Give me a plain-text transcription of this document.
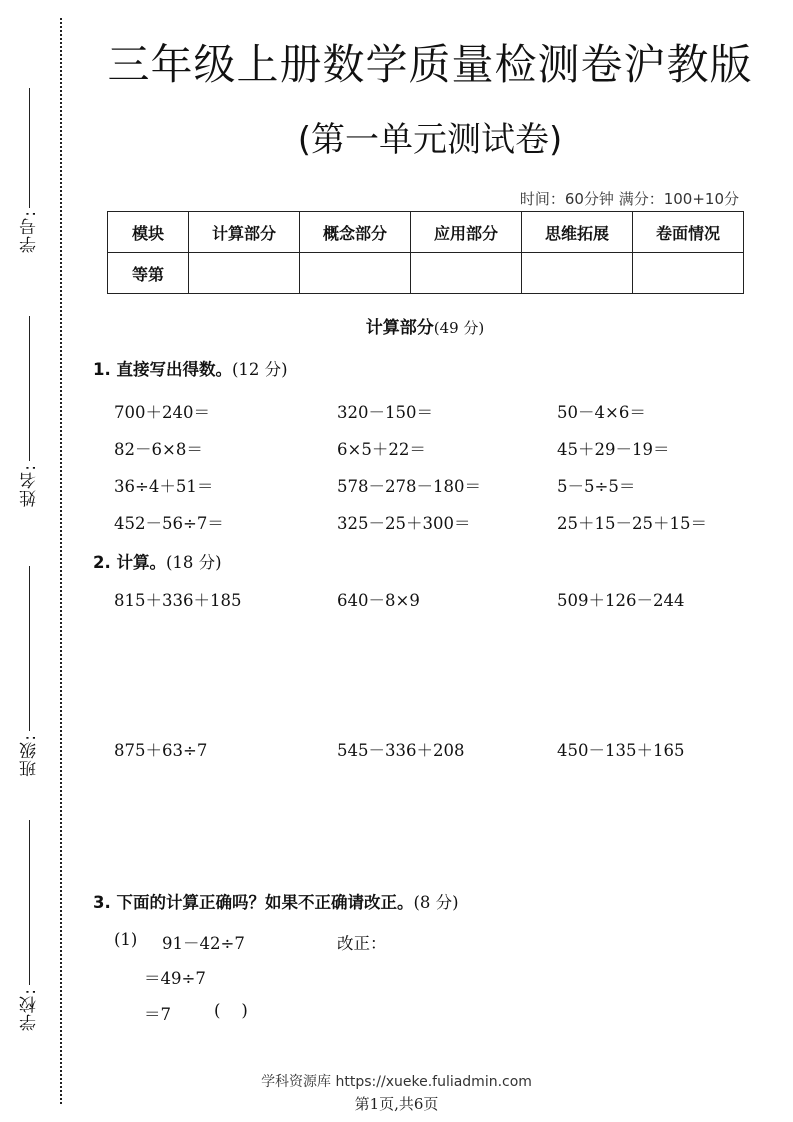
学号:
姓名:
班级:
学校:
三年级上册数学质量检测卷沪教版
(第一单元测试卷)
时间：60分钟 满分：100+10分
模块	计算部分	概念部分	应用部分	思维拓展	卷面情况
等第					
计算部分(49 分)
1. 直接写出得数。(12 分)
700＋240＝	320－150＝	50－4×6＝
82－6×8＝	6×5＋22＝	45＋29－19＝
36÷4＋51＝	578－278－180＝	5－5÷5＝
452－56÷7＝	325－25＋300＝	25＋15－25＋15＝
2. 计算。(18 分)
815＋336＋185	640－8×9	509＋126－244
875＋63÷7	545－336＋208	450－135＋165
3. 下面的计算正确吗？如果不正确请改正。(8 分)
(1) 91－42÷7	改正：
＝49÷7
＝7	(    )
学科资源库 https://xueke.fuliadmin.com
第1页,共6页
